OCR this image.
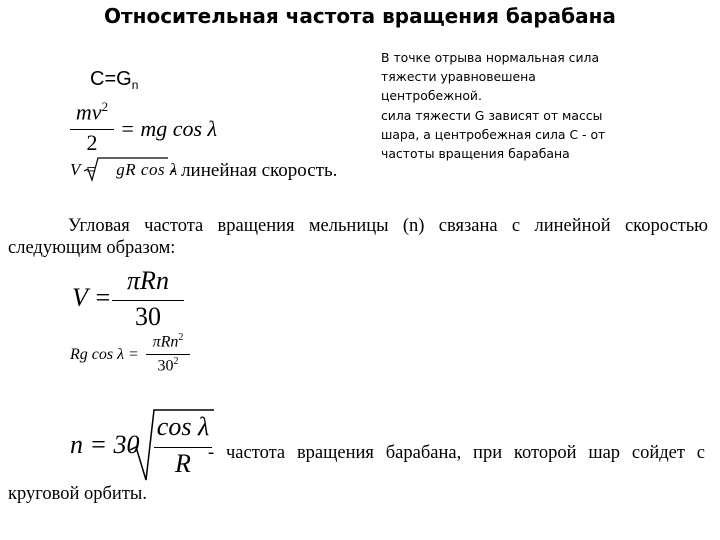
Относительная частота вращения барабана
В точке отрыва нормальная сила
тяжести уравновешена
центробежной.
сила тяжести G зависят от массы
шара, а центробежная сила С - от
частоты вращения барабана
$C=G_n$
$mv^2$
2
= mg cos λ
V =    gR cos λ
- линейная скорость.
Угловая частота вращения мельницы (n) связана с линейной скоростью
следующим образом:
V =
πRn
30
Rg cos λ =
πRn$^2$
$30^2$
n = 30
cos λ
R - частота вращения барабана, при которой шар сойдет с
круговой орбиты.
